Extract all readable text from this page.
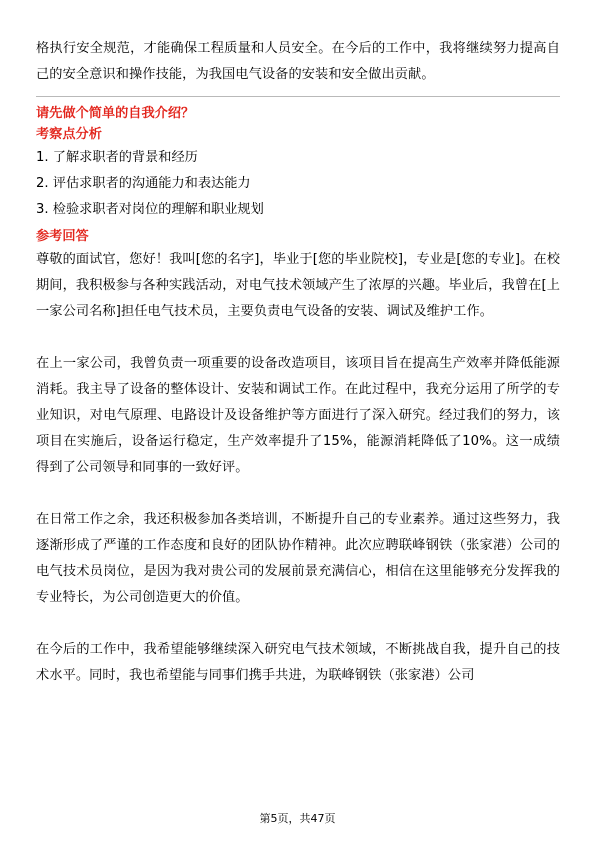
格执行安全规范，才能确保工程质量和人员安全。在今后的工作中，我将继续努力提高自己的安全意识和操作技能，为我国电气设备的安装和安全做出贡献。

请先做个简单的自我介绍？

考察点分析

1. 了解求职者的背景和经历

2. 评估求职者的沟通能力和表达能力

3. 检验求职者对岗位的理解和职业规划

参考回答

尊敬的面试官，您好！我叫[您的名字]，毕业于[您的毕业院校]，专业是[您的专业]。在校期间，我积极参与各种实践活动，对电气技术领域产生了浓厚的兴趣。毕业后，我曾在[上一家公司名称]担任电气技术员，主要负责电气设备的安装、调试及维护工作。

在上一家公司，我曾负责一项重要的设备改造项目，该项目旨在提高生产效率并降低能源消耗。我主导了设备的整体设计、安装和调试工作。在此过程中，我充分运用了所学的专业知识，对电气原理、电路设计及设备维护等方面进行了深入研究。经过我们的努力，该项目在实施后，设备运行稳定，生产效率提升了15%，能源消耗降低了10%。这一成绩得到了公司领导和同事的一致好评。

在日常工作之余，我还积极参加各类培训，不断提升自己的专业素养。通过这些努力，我逐渐形成了严谨的工作态度和良好的团队协作精神。此次应聘联峰钢铁（张家港）公司的电气技术员岗位，是因为我对贵公司的发展前景充满信心，相信在这里能够充分发挥我的专业特长，为公司创造更大的价值。

在今后的工作中，我希望能够继续深入研究电气技术领域，不断挑战自我，提升自己的技术水平。同时，我也希望能与同事们携手共进，为联峰钢铁（张家港）公司

第5页，共47页
